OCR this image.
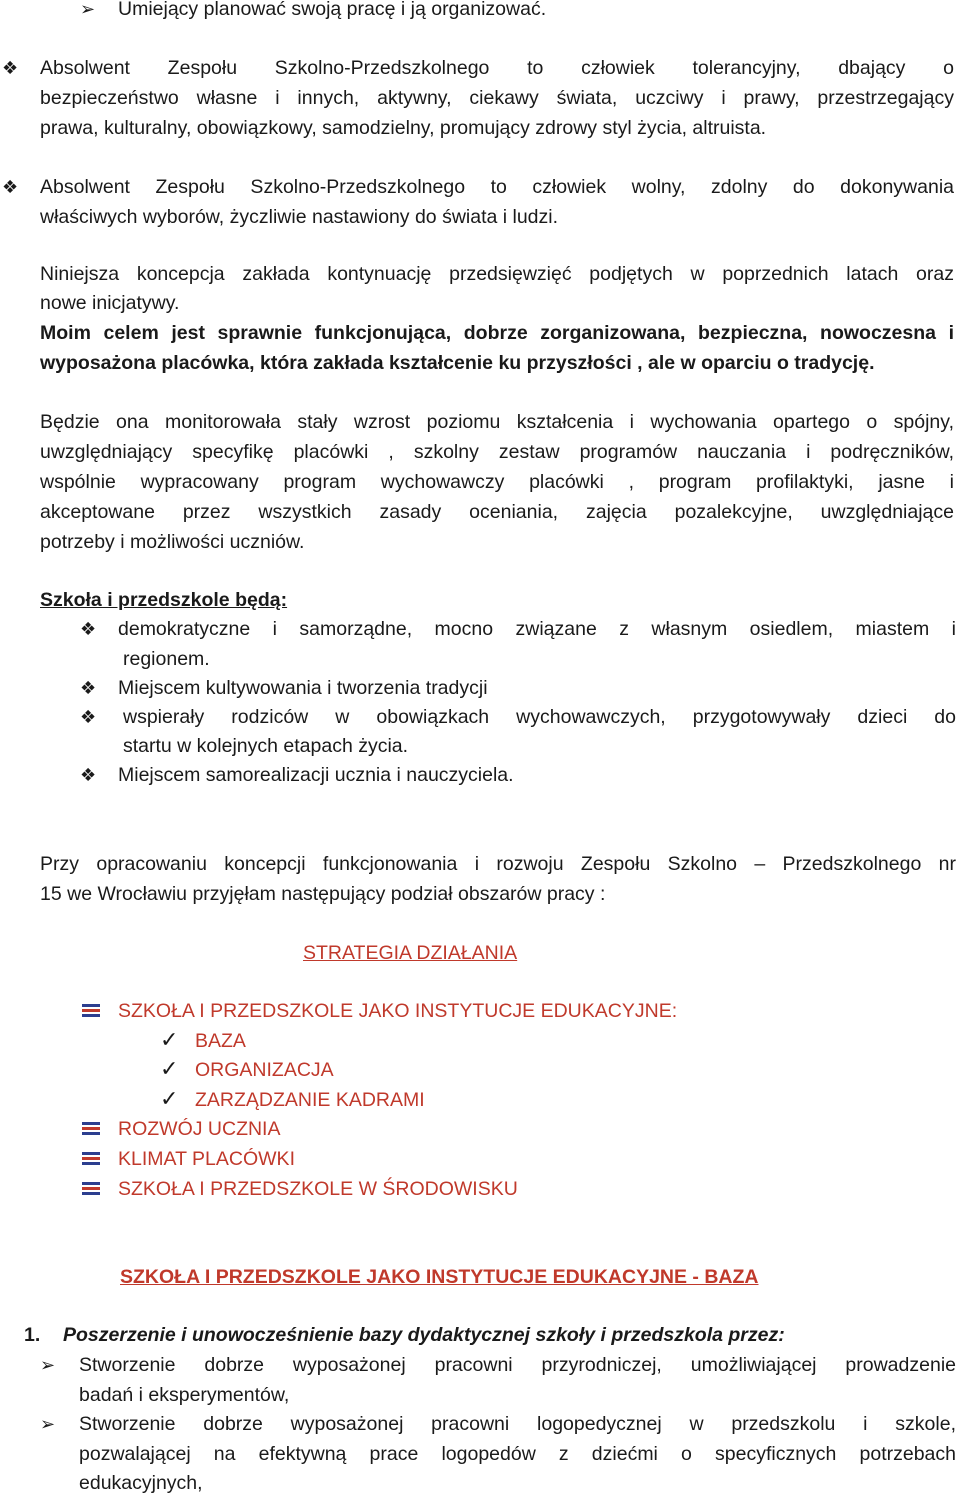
➢ Umiejący planować swoją pracę i ją organizować.
❖ Absolwent Zespołu Szkolno-Przedszkolnego to człowiek tolerancyjny, dbający o
bezpieczeństwo własne i innych, aktywny, ciekawy świata, uczciwy i prawy, przestrzegający
prawa, kulturalny, obowiązkowy, samodzielny, promujący zdrowy styl życia, altruista.
❖ Absolwent Zespołu Szkolno-Przedszkolnego to człowiek wolny, zdolny do dokonywania
właściwych wyborów, życzliwie nastawiony do świata i ludzi.
Niniejsza koncepcja zakłada kontynuację przedsięwzięć podjętych w poprzednich latach oraz
nowe inicjatywy.
Moim celem jest sprawnie funkcjonująca, dobrze zorganizowana, bezpieczna, nowoczesna i
wyposażona placówka, która zakłada kształcenie ku przyszłości , ale w oparciu o tradycję.
Będzie ona monitorowała stały wzrost poziomu kształcenia i wychowania opartego o spójny,
uwzględniający specyfikę placówki , szkolny zestaw programów nauczania i podręczników,
wspólnie wypracowany program wychowawczy placówki , program profilaktyki, jasne i
akceptowane przez wszystkich zasady oceniania, zajęcia pozalekcyjne, uwzględniające
potrzeby i możliwości uczniów.
Szkoła i przedszkole będą:
❖ demokratyczne i samorządne, mocno związane z własnym osiedlem, miastem i
regionem.
❖ Miejscem kultywowania i tworzenia tradycji
❖ wspierały rodziców w obowiązkach wychowawczych, przygotowywały dzieci do
startu w kolejnych etapach życia.
❖ Miejscem samorealizacji ucznia i nauczyciela.
Przy opracowaniu koncepcji funkcjonowania i rozwoju Zespołu Szkolno – Przedszkolnego nr
15 we Wrocławiu przyjęłam następujący podział obszarów pracy :
STRATEGIA DZIAŁANIA
SZKOŁA I PRZEDSZKOLE JAKO INSTYTUCJE EDUKACYJNE:
✓ BAZA
✓ ORGANIZACJA
✓ ZARZĄDZANIE KADRAMI
ROZWÓJ UCZNIA
KLIMAT PLACÓWKI
SZKOŁA I PRZEDSZKOLE W ŚRODOWISKU
SZKOŁA I PRZEDSZKOLE JAKO INSTYTUCJE EDUKACYJNE - BAZA
1. Poszerzenie i unowocześnienie bazy dydaktycznej szkoły i przedszkola przez:
➢ Stworzenie dobrze wyposażonej pracowni przyrodniczej, umożliwiającej prowadzenie
badań i eksperymentów,
➢ Stworzenie dobrze wyposażonej pracowni logopedycznej w przedszkolu i szkole,
pozwalającej na efektywną prace logopedów z dziećmi o specyficznych potrzebach
edukacyjnych,
